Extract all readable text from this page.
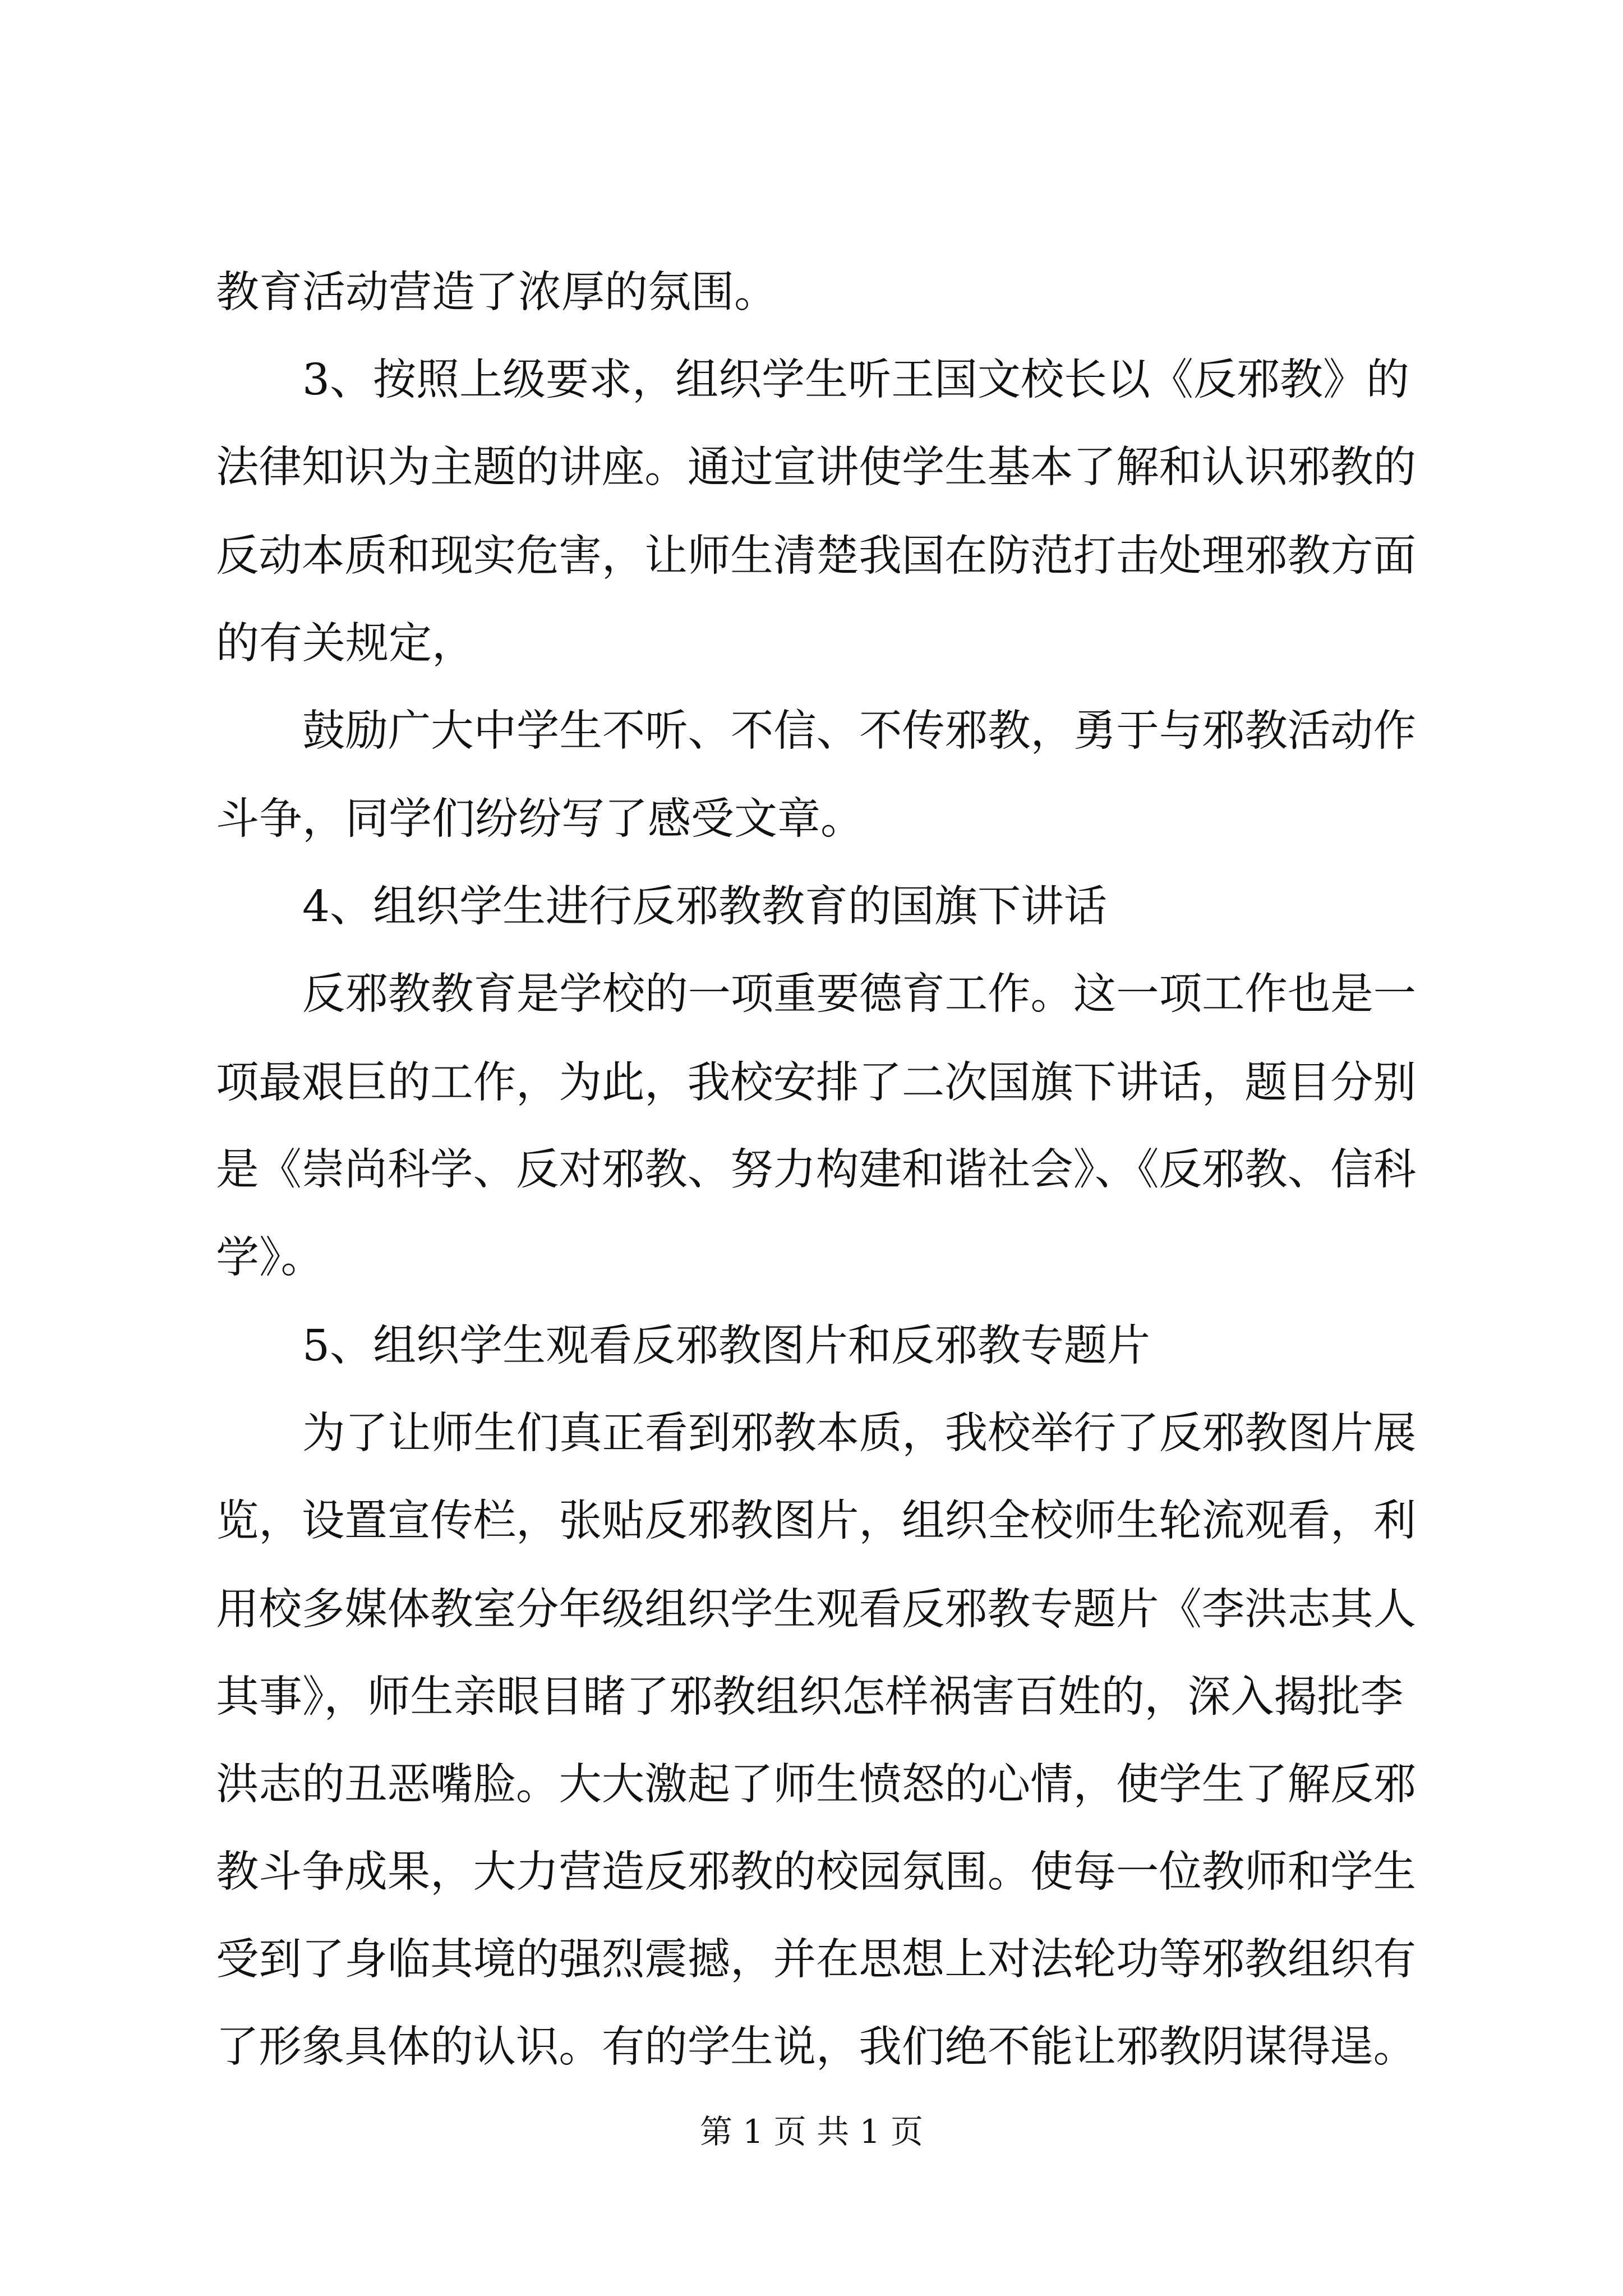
教育活动营造了浓厚的氛围。
3、按照上级要求，组织学生听王国文校长以《反邪教》的
法律知识为主题的讲座。通过宣讲使学生基本了解和认识邪教的
反动本质和现实危害，让师生清楚我国在防范打击处理邪教方面
的有关规定，
鼓励广大中学生不听、不信、不传邪教，勇于与邪教活动作
斗争，同学们纷纷写了感受文章。
4、组织学生进行反邪教教育的国旗下讲话
反邪教教育是学校的一项重要德育工作。这一项工作也是一
项最艰巨的工作，为此，我校安排了二次国旗下讲话，题目分别
是《崇尚科学、反对邪教、努力构建和谐社会》、《反邪教、信科
学》。
5、组织学生观看反邪教图片和反邪教专题片
为了让师生们真正看到邪教本质，我校举行了反邪教图片展
览，设置宣传栏，张贴反邪教图片，组织全校师生轮流观看，利
用校多媒体教室分年级组织学生观看反邪教专题片《李洪志其人
其事》，师生亲眼目睹了邪教组织怎样祸害百姓的，深入揭批李
洪志的丑恶嘴脸。大大激起了师生愤怒的心情，使学生了解反邪
教斗争成果，大力营造反邪教的校园氛围。使每一位教师和学生
受到了身临其境的强烈震撼，并在思想上对法轮功等邪教组织有
了形象具体的认识。有的学生说，我们绝不能让邪教阴谋得逞。
第 1 页 共 1 页
